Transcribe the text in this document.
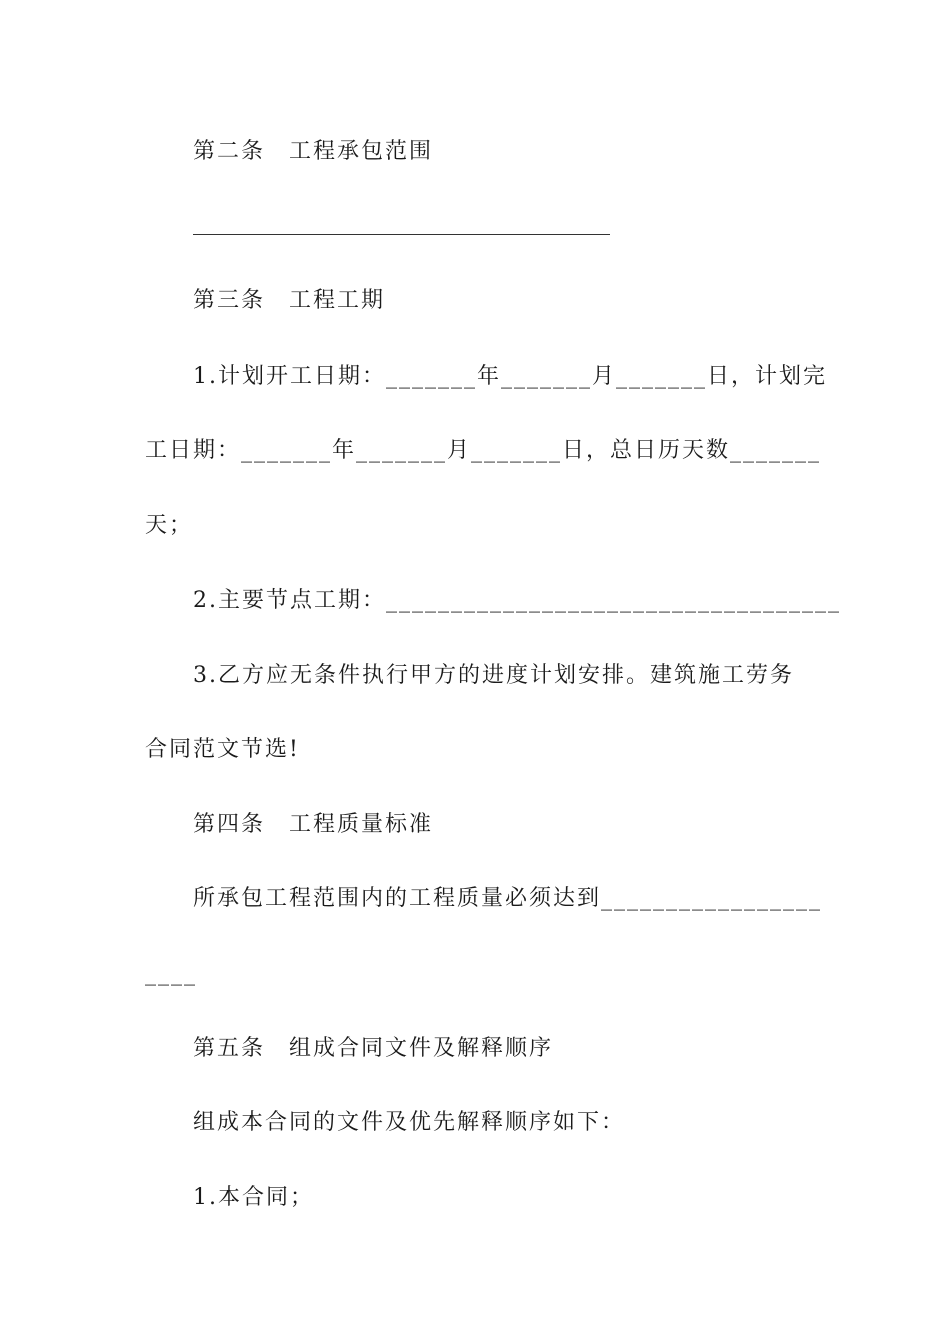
第二条　工程承包范围
第三条　工程工期
1.计划开工日期：_______年_______月_______日，计划完
工日期：_______年_______月_______日，总日历天数_______
天；
2.主要节点工期：___________________________________
3.乙方应无条件执行甲方的进度计划安排。建筑施工劳务
合同范文节选!
第四条　工程质量标准
所承包工程范围内的工程质量必须达到_________________
____
第五条　组成合同文件及解释顺序
组成本合同的文件及优先解释顺序如下：
1.本合同；
